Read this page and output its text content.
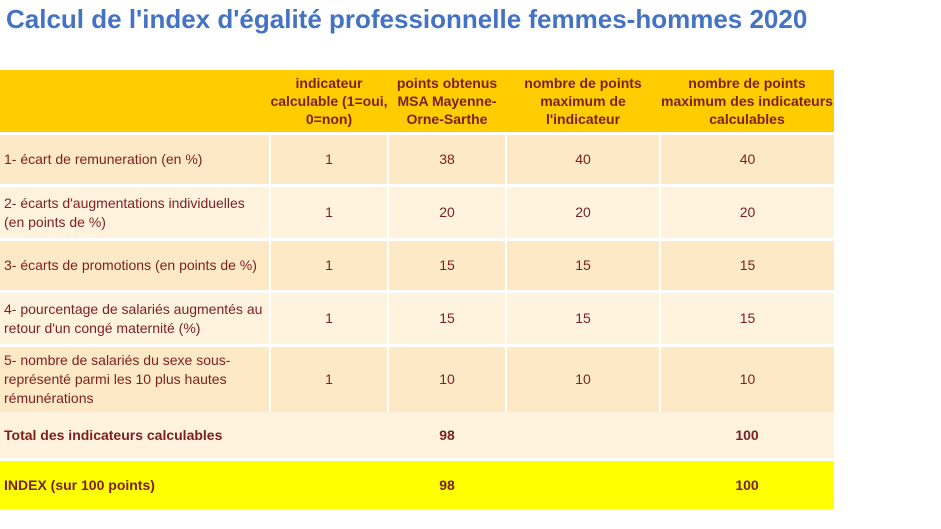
Calcul de l'index d'égalité professionnelle femmes-hommes 2020
	indicateur calculable (1=oui, 0=non)	points obtenus MSA Mayenne-Orne-Sarthe	nombre de points maximum de l'indicateur	nombre de points maximum des indicateurs calculables
1- écart de remuneration (en %)	1	38	40	40
2- écarts d'augmentations individuelles (en points de %)	1	20	20	20
3- écarts de promotions (en points de %)	1	15	15	15
4- pourcentage de salariés augmentés au retour d'un congé maternité (%)	1	15	15	15
5- nombre de salariés du sexe sous-représenté parmi les 10 plus hautes rémunérations	1	10	10	10
Total des indicateurs calculables		98		100
INDEX (sur 100 points)		98		100
